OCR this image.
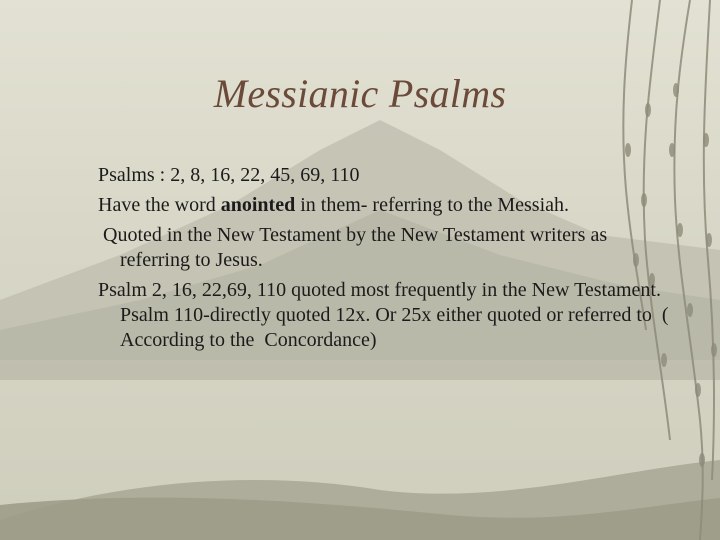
Messianic Psalms
Psalms : 2, 8, 16, 22, 45, 69, 110
Have the word anointed in them- referring to the Messiah.
Quoted in the New Testament by the New Testament writers as referring to Jesus.
Psalm 2, 16, 22,69, 110 quoted most frequently in the New Testament.
Psalm 110-directly quoted 12x. Or 25x either quoted or referred to  ( According to the  Concordance)
